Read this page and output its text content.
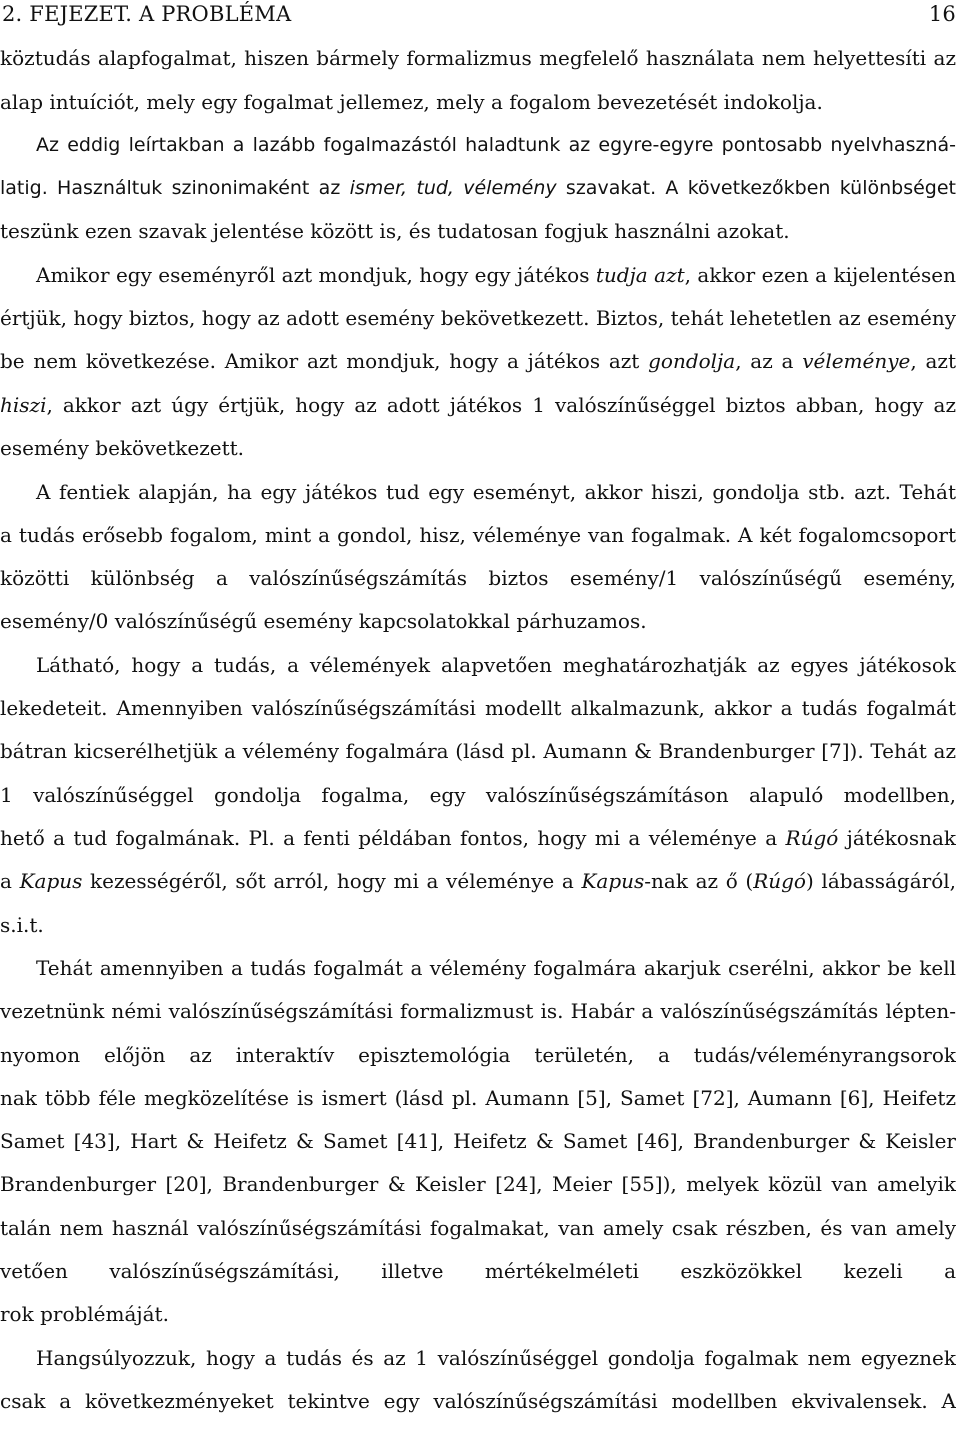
2. FEJEZET. A PROBLÉMA	16
köztudás alapfogalmat, hiszen bármely formalizmus megfelelő használata nem helyettesíti az
alap intuíciót, mely egy fogalmat jellemez, mely a fogalom bevezetését indokolja.
Az eddig leírtakban a lazább fogalmazástól haladtunk az egyre-egyre pontosabb nyelvhaszná-
latig. Használtuk szinonimaként az ismer, tud, vélemény szavakat. A következőkben különbséget
teszünk ezen szavak jelentése között is, és tudatosan fogjuk használni azokat.
Amikor egy eseményről azt mondjuk, hogy egy játékos tudja azt, akkor ezen a kijelentésen
értjük, hogy biztos, hogy az adott esemény bekövetkezett. Biztos, tehát lehetetlen az esemény
be nem következése. Amikor azt mondjuk, hogy a játékos azt gondolja, az a véleménye, azt
hiszi, akkor azt úgy értjük, hogy az adott játékos 1 valószínűséggel biztos abban, hogy az
esemény bekövetkezett.
A fentiek alapján, ha egy játékos tud egy eseményt, akkor hiszi, gondolja stb. azt. Tehát
a tudás erősebb fogalom, mint a gondol, hisz, véleménye van fogalmak. A két fogalomcsoport
közötti különbség a valószínűségszámítás biztos esemény/1 valószínűségű esemény,
esemény/0 valószínűségű esemény kapcsolatokkal párhuzamos.
Látható, hogy a tudás, a vélemények alapvetően meghatározhatják az egyes játékosok
lekedeteit. Amennyiben valószínűségszámítási modellt alkalmazunk, akkor a tudás fogalmát
bátran kicserélhetjük a vélemény fogalmára (lásd pl. Aumann & Brandenburger [7]). Tehát az
1 valószínűséggel gondolja fogalma, egy valószínűségszámításon alapuló modellben,
hető a tud fogalmának. Pl. a fenti példában fontos, hogy mi a véleménye a Rúgó játékosnak
a Kapus kezességéről, sőt arról, hogy mi a véleménye a Kapus-nak az ő (Rúgó) lábasságáról,
s.i.t.
Tehát amennyiben a tudás fogalmát a vélemény fogalmára akarjuk cserélni, akkor be kell
vezetnünk némi valószínűségszámítási formalizmust is. Habár a valószínűségszámítás lépten-
nyomon előjön az interaktív episztemológia területén, a tudás/véleményrangsorok
nak több féle megközelítése is ismert (lásd pl. Aumann [5], Samet [72], Aumann [6], Heifetz
Samet [43], Hart & Heifetz & Samet [41], Heifetz & Samet [46], Brandenburger & Keisler
Brandenburger [20], Brandenburger & Keisler [24], Meier [55]), melyek közül van amelyik
talán nem használ valószínűségszámítási fogalmakat, van amely csak részben, és van amely
vetően valószínűségszámítási, illetve mértékelméleti eszközökkel kezeli a
rok problémáját.
Hangsúlyozzuk, hogy a tudás és az 1 valószínűséggel gondolja fogalmak nem egyeznek
csak a következményeket tekintve egy valószínűségszámítási modellben ekvivalensek. A
